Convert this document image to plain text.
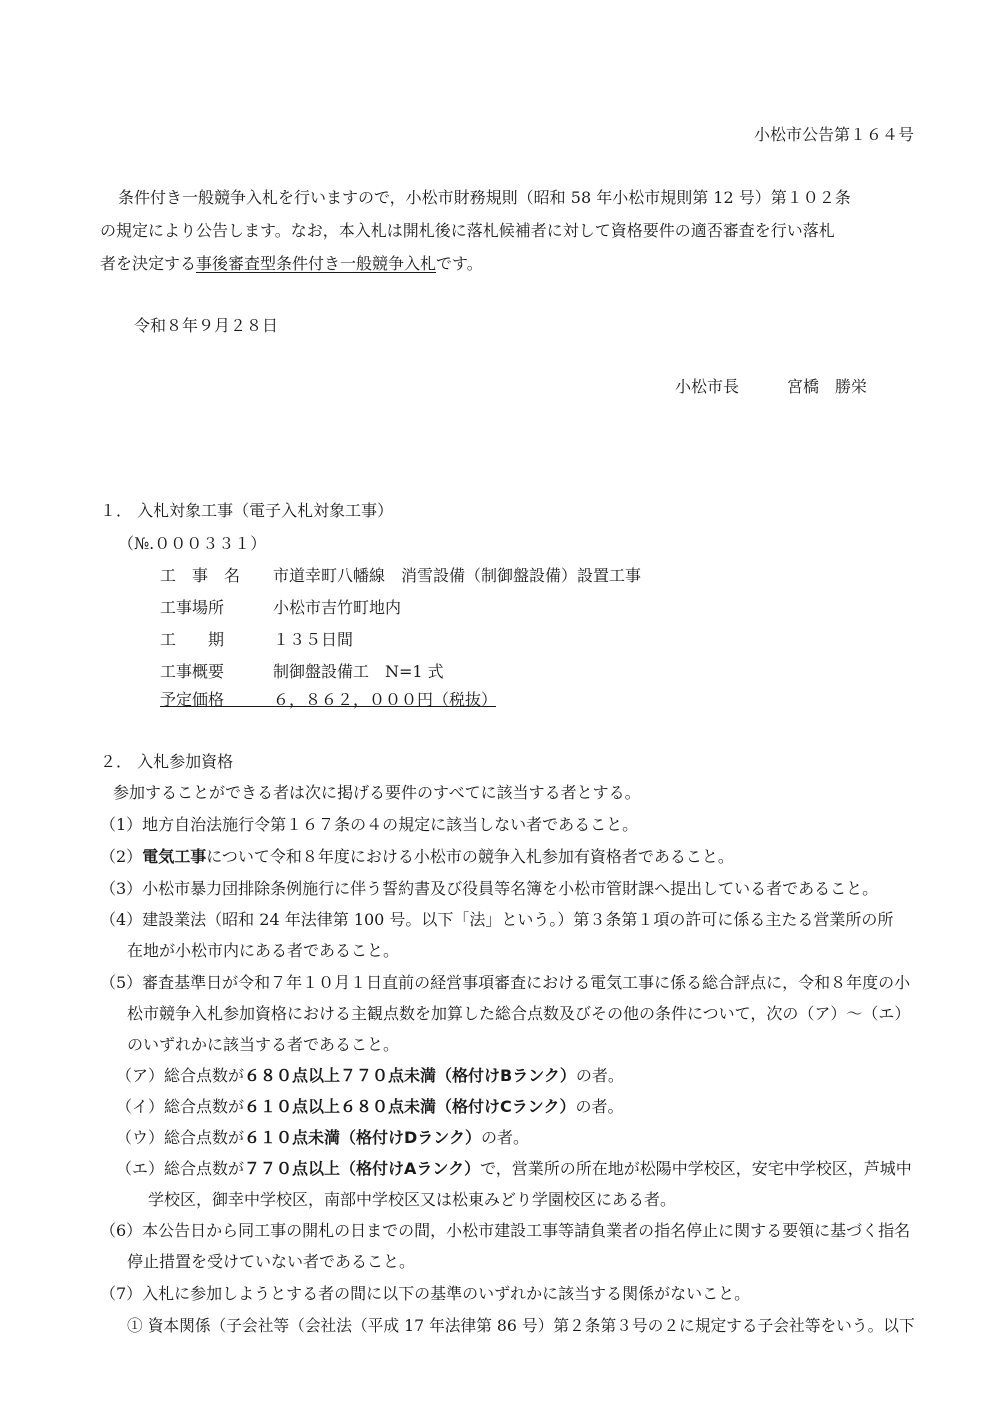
小松市公告第１６４号
条件付き一般競争入札を行いますので，小松市財務規則（昭和 58 年小松市規則第 12 号）第１０２条
の規定により公告します。なお，本入札は開札後に落札候補者に対して資格要件の適否審査を行い落札
者を決定する事後審査型条件付き一般競争入札です。
令和８年９月２８日
小松市長	宮橋　勝栄
１． 入札対象工事（電子入札対象工事）
（№.０００３３１）
工　事　名 市道幸町八幡線　消雪設備（制御盤設備）設置工事
工事場所	小松市吉竹町地内
工　　期	１３５日間
工事概要	制御盤設備工　N=1 式
予定価格	６，８６２，０００円（税抜）
２． 入札参加資格
参加することができる者は次に掲げる要件のすべてに該当する者とする。
（1）地方自治法施行令第１６７条の４の規定に該当しない者であること。
（2）電気工事について令和８年度における小松市の競争入札参加有資格者であること。
（3）小松市暴力団排除条例施行に伴う誓約書及び役員等名簿を小松市管財課へ提出している者であること。
（4）建設業法（昭和 24 年法律第 100 号。以下「法」という。）第３条第１項の許可に係る主たる営業所の所
在地が小松市内にある者であること。
（5）審査基準日が令和７年１０月１日直前の経営事項審査における電気工事に係る総合評点に，令和８年度の小
松市競争入札参加資格における主観点数を加算した総合点数及びその他の条件について，次の（ア）～（エ）
のいずれかに該当する者であること。
（ア）総合点数が６８０点以上７７０点未満（格付けBランク）の者。
（イ）総合点数が６１０点以上６８０点未満（格付けCランク）の者。
（ウ）総合点数が６１０点未満（格付けDランク）の者。
（エ）総合点数が７７０点以上（格付けAランク）で，営業所の所在地が松陽中学校区，安宅中学校区，芦城中
学校区，御幸中学校区，南部中学校区又は松東みどり学園校区にある者。
（6）本公告日から同工事の開札の日までの間，小松市建設工事等請負業者の指名停止に関する要領に基づく指名
停止措置を受けていない者であること。
（7）入札に参加しようとする者の間に以下の基準のいずれかに該当する関係がないこと。
① 資本関係（子会社等（会社法（平成 17 年法律第 86 号）第２条第３号の２に規定する子会社等をいう。以下
